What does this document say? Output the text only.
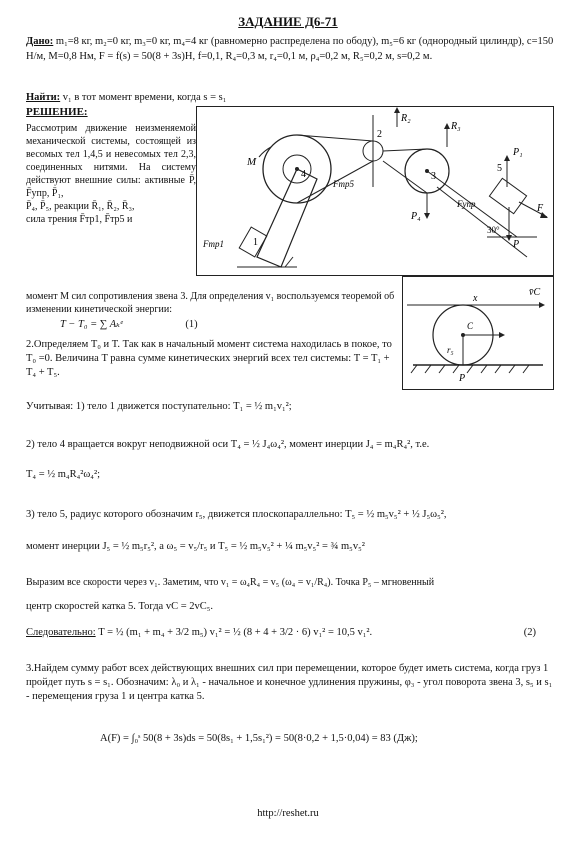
ЗАДАНИЕ Д6-71
Дано: m₁=8 кг, m₂=0 кг, m₃=0 кг, m₄=4 кг (равномерно распределена по ободу), m₅=6 кг (однородный цилиндр), c=150 Н/м, M=0,8 Нм, F = f(s) = 50(8 + 3s)Н, f=0,1, R₄=0,3 м, r₄=0,1 м, ρ₄=0,2 м, R₅=0,2 м, s=0,2 м.
Найти: v₁ в тот момент времени, когда s = s₁
РЕШЕНИЕ:
Рассмотрим движение неизменяемой механической системы, состоящей из весомых тел 1,4,5 и невесомых тел 2,3, соединенных нитями. На систему действуют внешние силы: активные P̄, F̄упр, P̄₁,
P̄₄, P̄₅, реакции R̄₁, R̄₂, R̄₃,
сила трения F̄тр1, F̄тр5 и
M
4
2
3
5
1
R₂
R₃
P₄
P₁
P
F
Fтр5
Fупр
Fтр1
30°
x
v̄C
C
r₅
P
момент M сил сопротивления звена 3. Для определения v₁ воспользуемся теоремой об изменении кинетической энергии:
T − T₀ = ∑ Aₖᵉ	(1)
2.Определяем T₀ и T. Так как в начальный момент система находилась в покое, то T₀ =0. Величина T равна сумме кинетических энергий всех тел системы: T = T₁ + T₄ + T₅.
Учитывая: 1) тело 1 движется поступательно: T₁ = ½ m₁v₁²;
2) тело 4 вращается вокруг неподвижной оси T₄ = ½ J₄ω₄², момент инерции J₄ = m₄R₄², т.е.
T₄ = ½ m₄R₄²ω₄²;
3) тело 5, радиус которого обозначим r₅, движется плоскопараллельно: T₅ = ½ m₅v₅² + ½ J₅ω₅²,
момент инерции J₅ = ½ m₅r₅², а ω₅ = v₅/r₅ и T₅ = ½ m₅v₅² + ¼ m₅v₅² = ¾ m₅v₅²
Выразим все скорости через v₁. Заметим, что v₁ = ω₄R₄ = v₅ (ω₄ = v₁/R₄). Точка P₅ – мгновенный
центр скоростей катка 5. Тогда vC = 2vC₅.
Следовательно: T = ½ (m₁ + m₄ + 3/2 m₅) v₁² = ½ (8 + 4 + 3/2 · 6) v₁² = 10,5 v₁².	(2)
3.Найдем сумму работ всех действующих внешних сил при перемещении, которое будет иметь система, когда груз 1 пройдет путь s = s₁. Обозначим: λ₀ и λ₁ - начальное и конечное удлинения пружины, φ₃ - угол поворота звена 3, s₅ и s₁ - перемещения груза 1 и центра катка 5.
A(F) = ∫₀ˢ 50(8 + 3s)ds = 50(8s₁ + 1,5s₁²) = 50(8·0,2 + 1,5·0,04) = 83 (Дж);
http://reshet.ru
